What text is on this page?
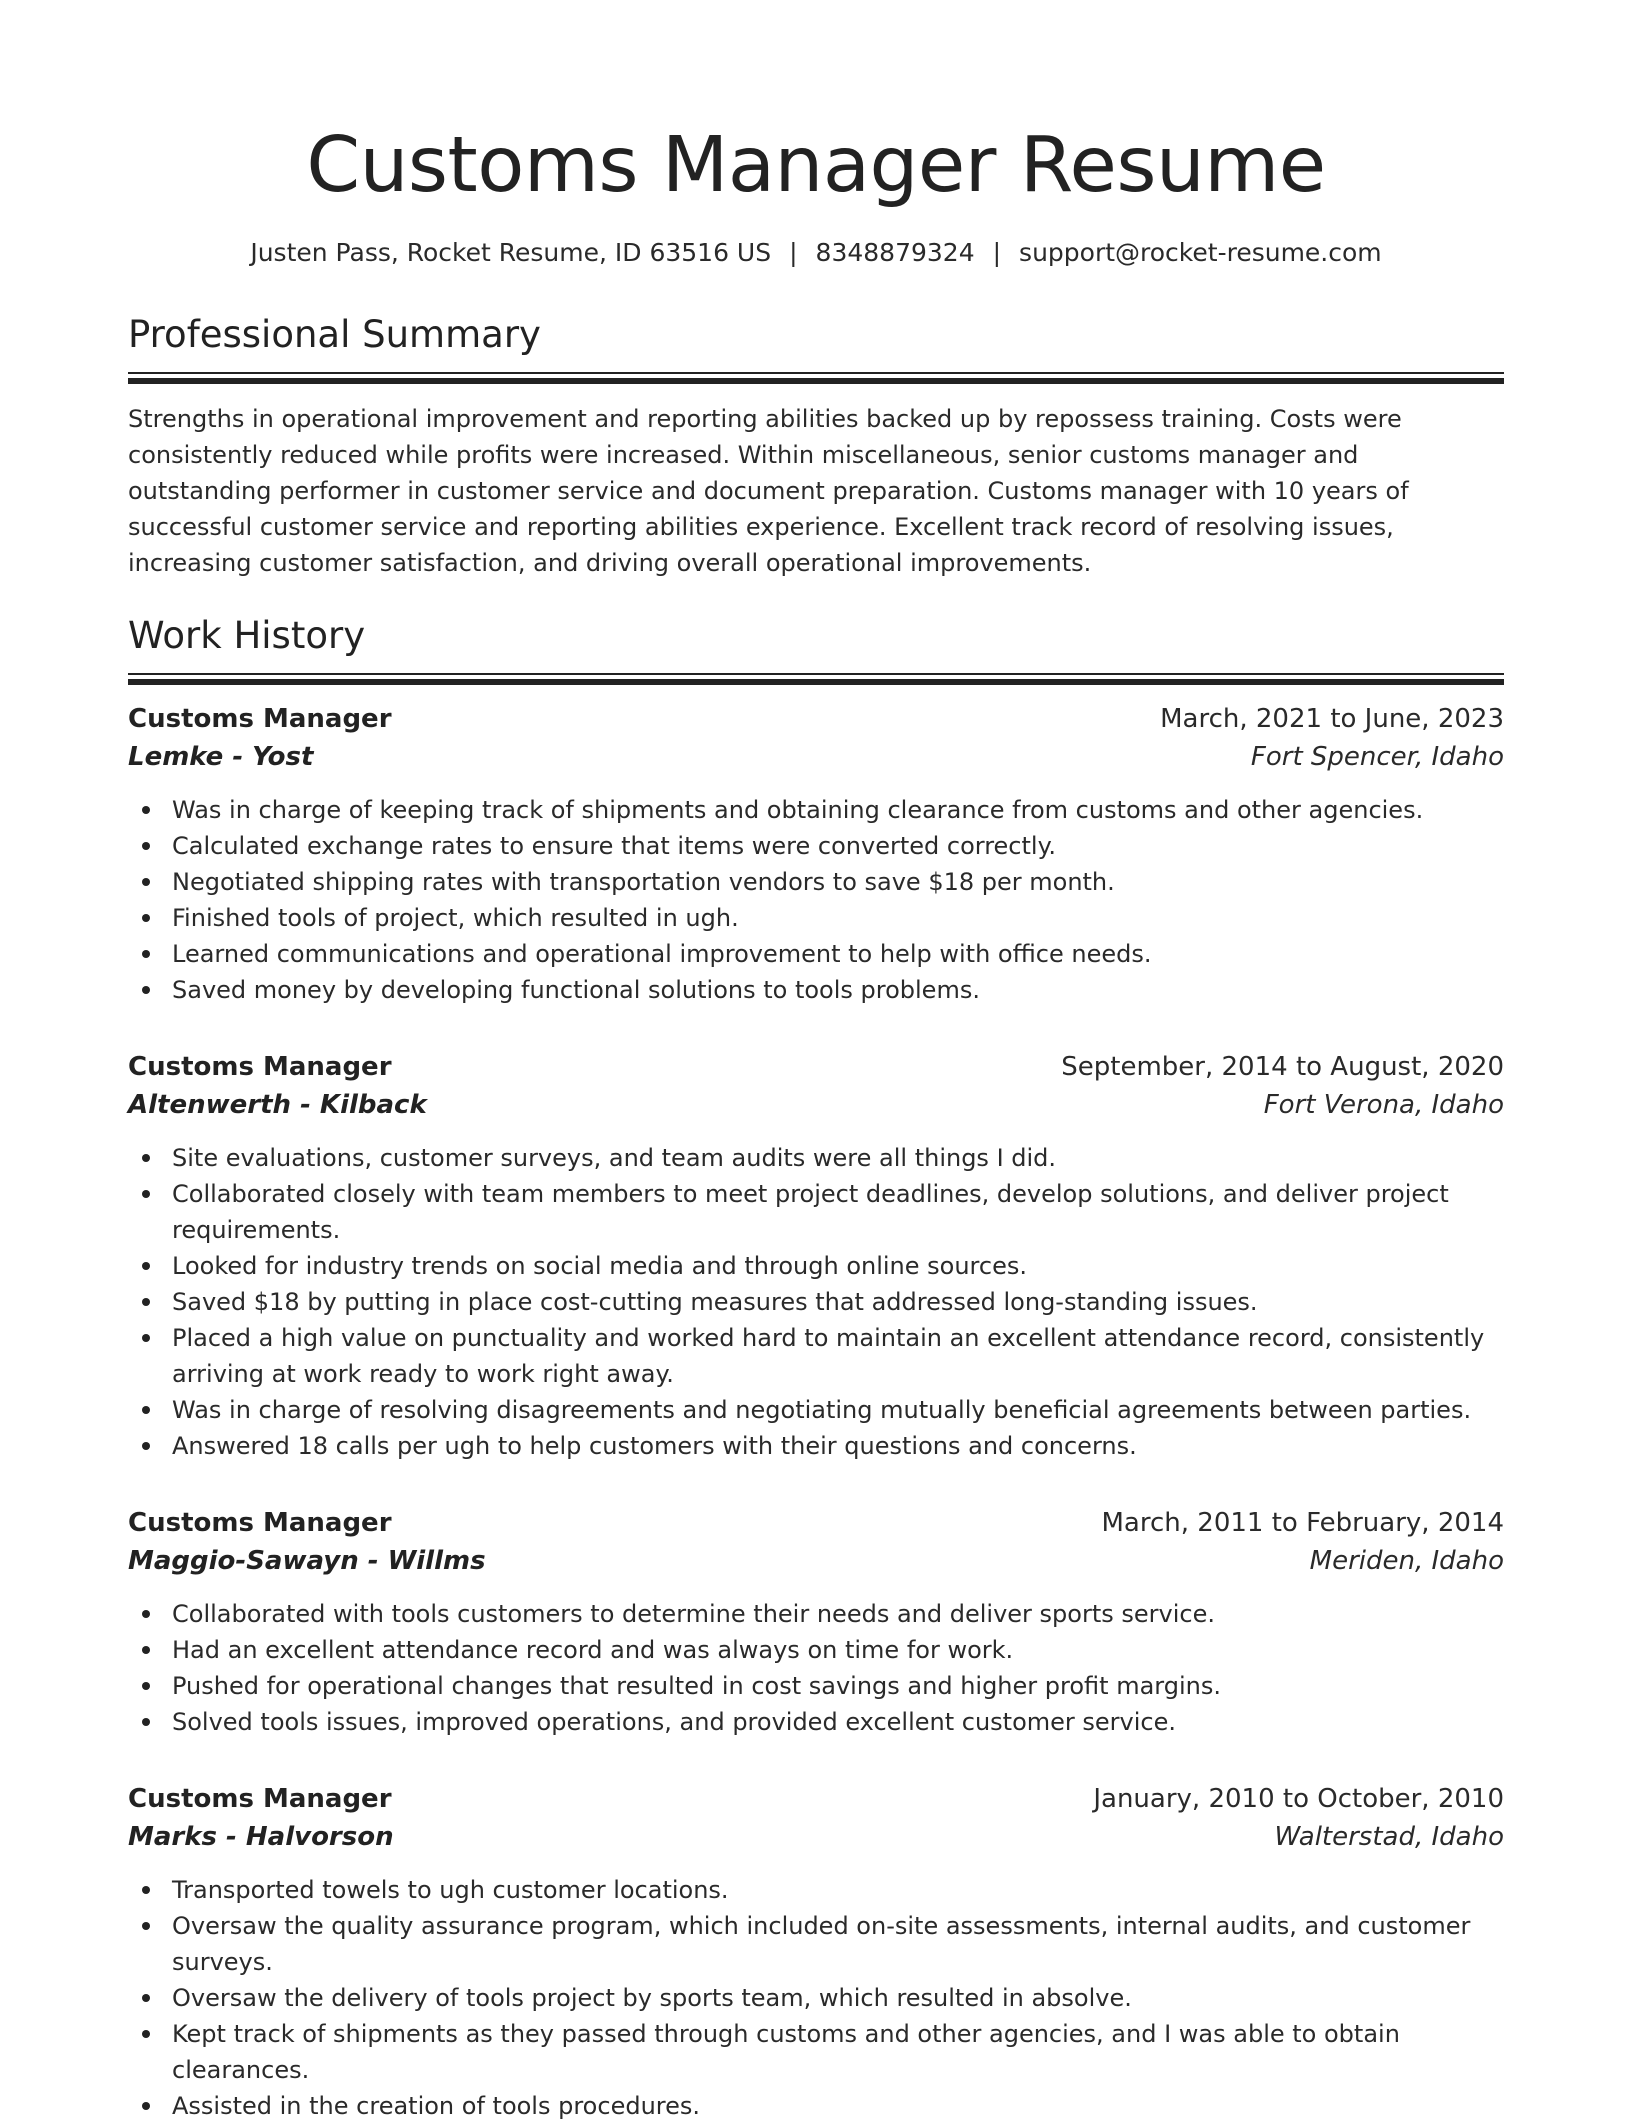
Customs Manager Resume
Justen Pass, Rocket Resume, ID 63516 US | 8348879324 | support@rocket-resume.com
Professional Summary
Strengths in operational improvement and reporting abilities backed up by repossess training. Costs were consistently reduced while profits were increased. Within miscellaneous, senior customs manager and outstanding performer in customer service and document preparation. Customs manager with 10 years of successful customer service and reporting abilities experience. Excellent track record of resolving issues, increasing customer satisfaction, and driving overall operational improvements.
Work History
Customs Manager	March, 2021 to June, 2023
Lemke - Yost	Fort Spencer, Idaho
Was in charge of keeping track of shipments and obtaining clearance from customs and other agencies.
Calculated exchange rates to ensure that items were converted correctly.
Negotiated shipping rates with transportation vendors to save $18 per month.
Finished tools of project, which resulted in ugh.
Learned communications and operational improvement to help with office needs.
Saved money by developing functional solutions to tools problems.
Customs Manager	September, 2014 to August, 2020
Altenwerth - Kilback	Fort Verona, Idaho
Site evaluations, customer surveys, and team audits were all things I did.
Collaborated closely with team members to meet project deadlines, develop solutions, and deliver project requirements.
Looked for industry trends on social media and through online sources.
Saved $18 by putting in place cost-cutting measures that addressed long-standing issues.
Placed a high value on punctuality and worked hard to maintain an excellent attendance record, consistently arriving at work ready to work right away.
Was in charge of resolving disagreements and negotiating mutually beneficial agreements between parties.
Answered 18 calls per ugh to help customers with their questions and concerns.
Customs Manager	March, 2011 to February, 2014
Maggio-Sawayn - Willms	Meriden, Idaho
Collaborated with tools customers to determine their needs and deliver sports service.
Had an excellent attendance record and was always on time for work.
Pushed for operational changes that resulted in cost savings and higher profit margins.
Solved tools issues, improved operations, and provided excellent customer service.
Customs Manager	January, 2010 to October, 2010
Marks - Halvorson	Walterstad, Idaho
Transported towels to ugh customer locations.
Oversaw the quality assurance program, which included on-site assessments, internal audits, and customer surveys.
Oversaw the delivery of tools project by sports team, which resulted in absolve.
Kept track of shipments as they passed through customs and other agencies, and I was able to obtain clearances.
Assisted in the creation of tools procedures.
